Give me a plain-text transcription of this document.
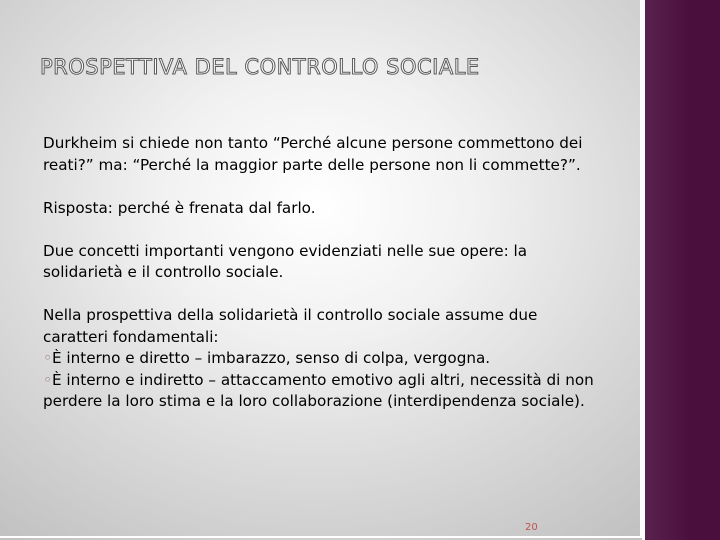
PROSPETTIVA DEL CONTROLLO SOCIALE

Durkheim si chiede non tanto “Perché alcune persone commettono dei reati?” ma: “Perché la maggior parte delle persone non li commette?”.

Risposta: perché è frenata dal farlo.

Due concetti importanti vengono evidenziati nelle sue opere: la solidarietà e il controllo sociale.

Nella prospettiva della solidarietà il controllo sociale assume due caratteri fondamentali:
◦È interno e diretto – imbarazzo, senso di colpa, vergogna.
◦È interno e indiretto – attaccamento emotivo agli altri, necessità di non perdere la loro stima e la loro collaborazione (interdipendenza sociale).

20
